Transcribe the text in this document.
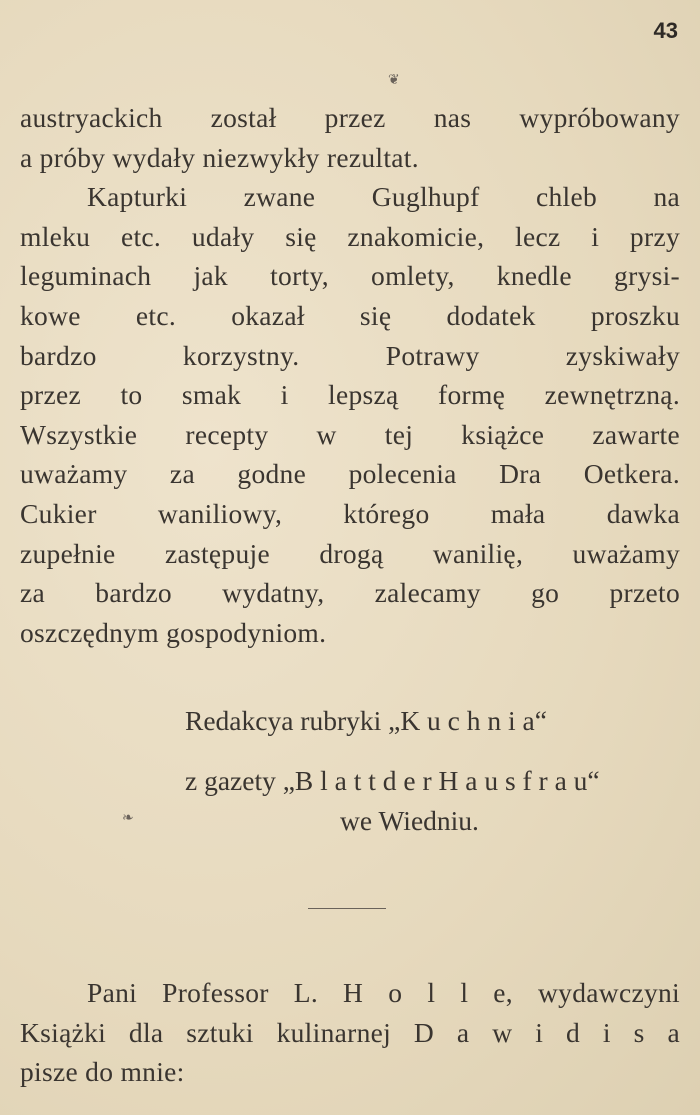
43
❦
austryackich został przez nas wypróbowany
a próby wydały niezwykły rezultat.
Kapturki zwane Guglhupf chleb na
mleku etc. udały się znakomicie, lecz i przy
leguminach jak torty, omlety, knedle grysi-
kowe etc. okazał się dodatek proszku
bardzo korzystny. Potrawy zyskiwały
przez to smak i lepszą formę zewnętrzną.
Wszystkie recepty w tej książce zawarte
uważamy za godne polecenia Dra Oetkera.
Cukier waniliowy, którego mała dawka
zupełnie zastępuje drogą wanilię, uważamy
za bardzo wydatny, zalecamy go przeto
oszczędnym gospodyniom.
Redakcya rubryki „K u c h n i a“
z gazety „B l a t t d e r H a u s f r a u“
❧	we Wiedniu.
Pani Professor L. H o l l e, wydawczyni
Książki dla sztuki kulinarnej D a w i d i s a
pisze do mnie:
